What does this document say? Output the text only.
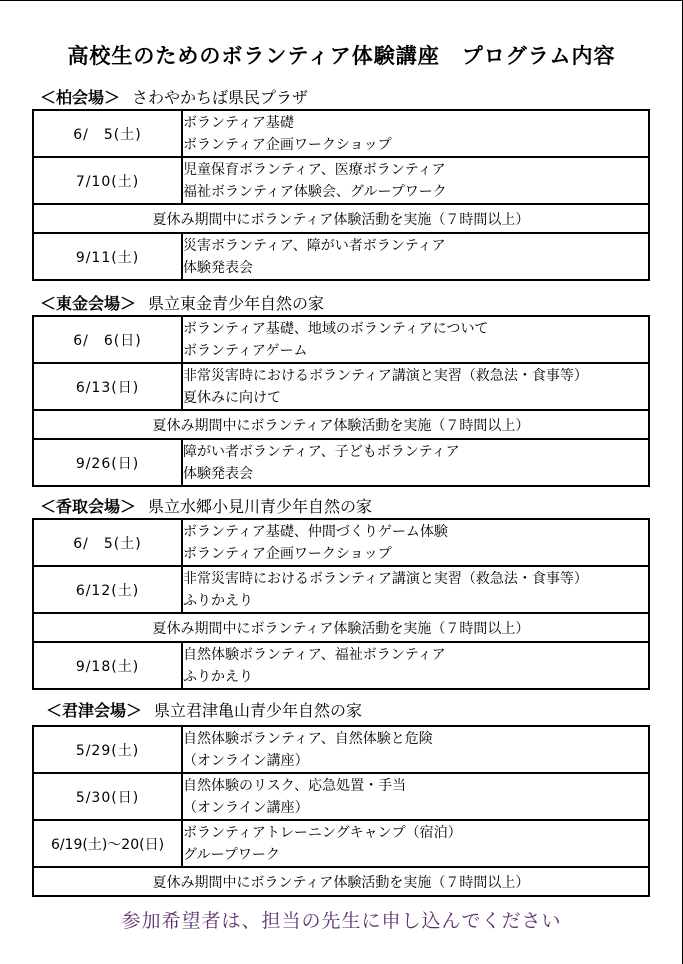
高校生のためのボランティア体験講座　プログラム内容
＜柏会場＞ さわやかちば県民プラザ
6/　5(土)	ボランティア基礎
ボランティア企画ワークショップ

7/10(土)	児童保育ボランティア、医療ボランティア
福祉ボランティア体験会、グループワーク

夏休み期間中にボランティア体験活動を実施（７時間以上）	
9/11(土)	災害ボランティア、障がい者ボランティア
体験発表会
＜東金会場＞ 県立東金青少年自然の家
6/　6(日)	ボランティア基礎、地域のボランティアについて
ボランティアゲーム

6/13(日)	非常災害時におけるボランティア講演と実習（救急法・食事等）
夏休みに向けて

夏休み期間中にボランティア体験活動を実施（７時間以上）	
9/26(日)	障がい者ボランティア、子どもボランティア
体験発表会
＜香取会場＞ 県立水郷小見川青少年自然の家
6/　5(土)	ボランティア基礎、仲間づくりゲーム体験
ボランティア企画ワークショップ

6/12(土)	非常災害時におけるボランティア講演と実習（救急法・食事等）
ふりかえり

夏休み期間中にボランティア体験活動を実施（７時間以上）	
9/18(土)	自然体験ボランティア、福祉ボランティア
ふりかえり
＜君津会場＞ 県立君津亀山青少年自然の家
5/29(土)	自然体験ボランティア、自然体験と危険
（オンライン講座）

5/30(日)	自然体験のリスク、応急処置・手当
（オンライン講座）

6/19(土)～20(日)	ボランティアトレーニングキャンプ（宿泊）
グループワーク

夏休み期間中にボランティア体験活動を実施（７時間以上）	
参加希望者は、担当の先生に申し込んでください
